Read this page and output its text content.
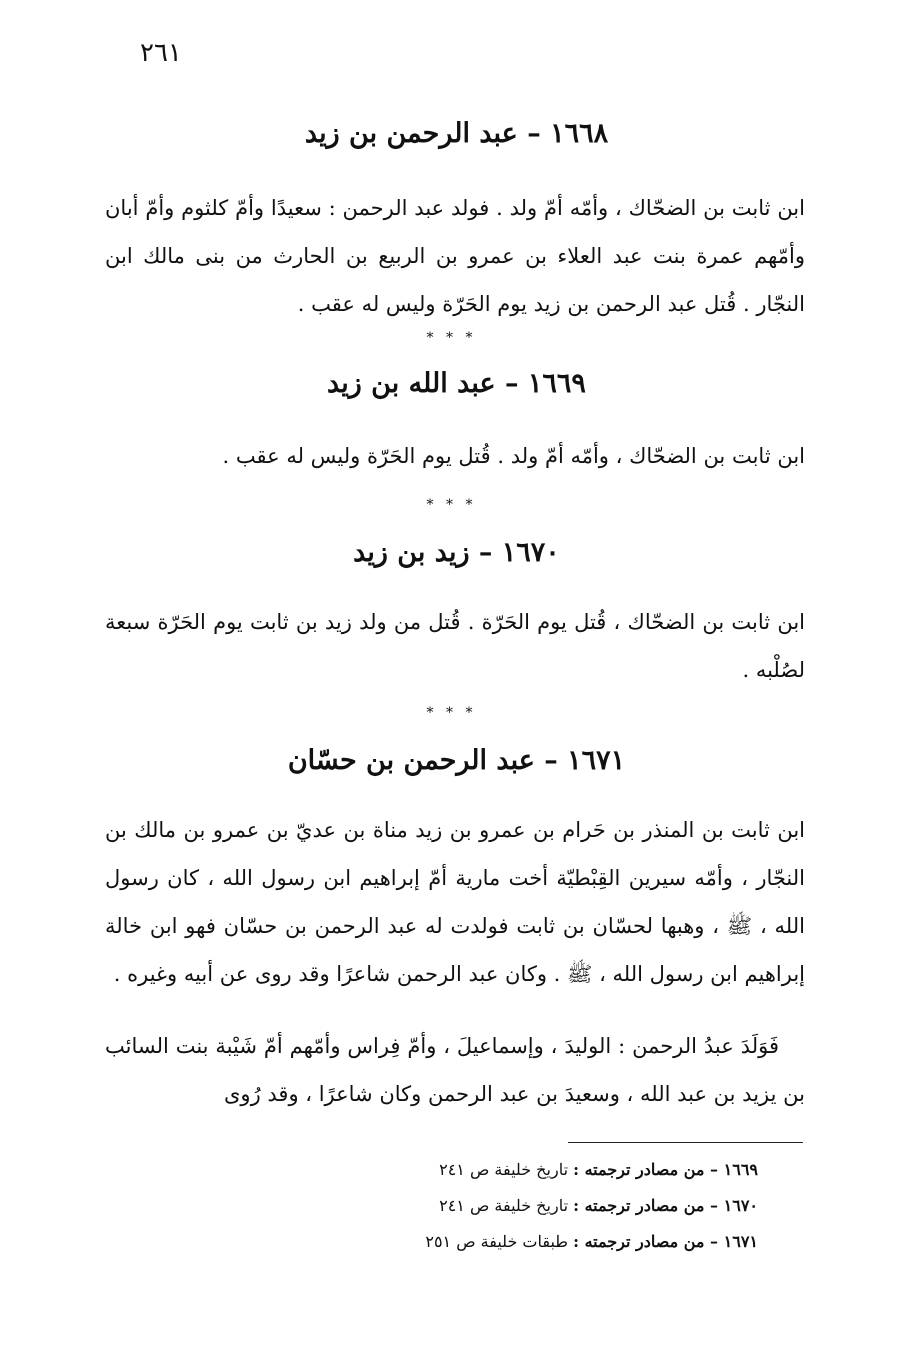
٢٦١
١٦٦٨ – عبد الرحمن بن زيد
ابن ثابت بن الضحّاك ، وأمّه أمّ ولد . فولد عبد الرحمن : سعيدًا وأمّ كلثوم وأمّ أبان وأمّهم عمرة بنت عبد العلاء بن عمرو بن الربيع بن الحارث من بنى مالك ابن النجّار . قُتل عبد الرحمن بن زيد يوم الحَرّة وليس له عقب .
* * *
١٦٦٩ – عبد الله بن زيد
ابن ثابت بن الضحّاك ، وأمّه أمّ ولد . قُتل يوم الحَرّة وليس له عقب .
* * *
١٦٧٠ – زيد بن زيد
ابن ثابت بن الضحّاك ، قُتل يوم الحَرّة . قُتل من ولد زيد بن ثابت يوم الحَرّة سبعة لصُلْبه .
* * *
١٦٧١ – عبد الرحمن بن حسّان
ابن ثابت بن المنذر بن حَرام بن عمرو بن زيد مناة بن عديّ بن عمرو بن مالك بن النجّار ، وأمّه سيرين القِبْطيّة أخت مارية أمّ إبراهيم ابن رسول الله ، كان رسول الله ، ﷺ ، وهبها لحسّان بن ثابت فولدت له عبد الرحمن بن حسّان فهو ابن خالة إبراهيم ابن رسول الله ، ﷺ . وكان عبد الرحمن شاعرًا وقد روى عن أبيه وغيره .
فَوَلَدَ عبدُ الرحمن : الوليدَ ، وإسماعيلَ ، وأمّ فِراس وأمّهم أمّ شَيْبة بنت السائب بن يزيد بن عبد الله ، وسعيدَ بن عبد الرحمن وكان شاعرًا ، وقد رُوى
١٦٦٩ – من مصادر ترجمته : تاريخ خليفة ص ٢٤١
١٦٧٠ – من مصادر ترجمته : تاريخ خليفة ص ٢٤١
١٦٧١ – من مصادر ترجمته : طبقات خليفة ص ٢٥١
